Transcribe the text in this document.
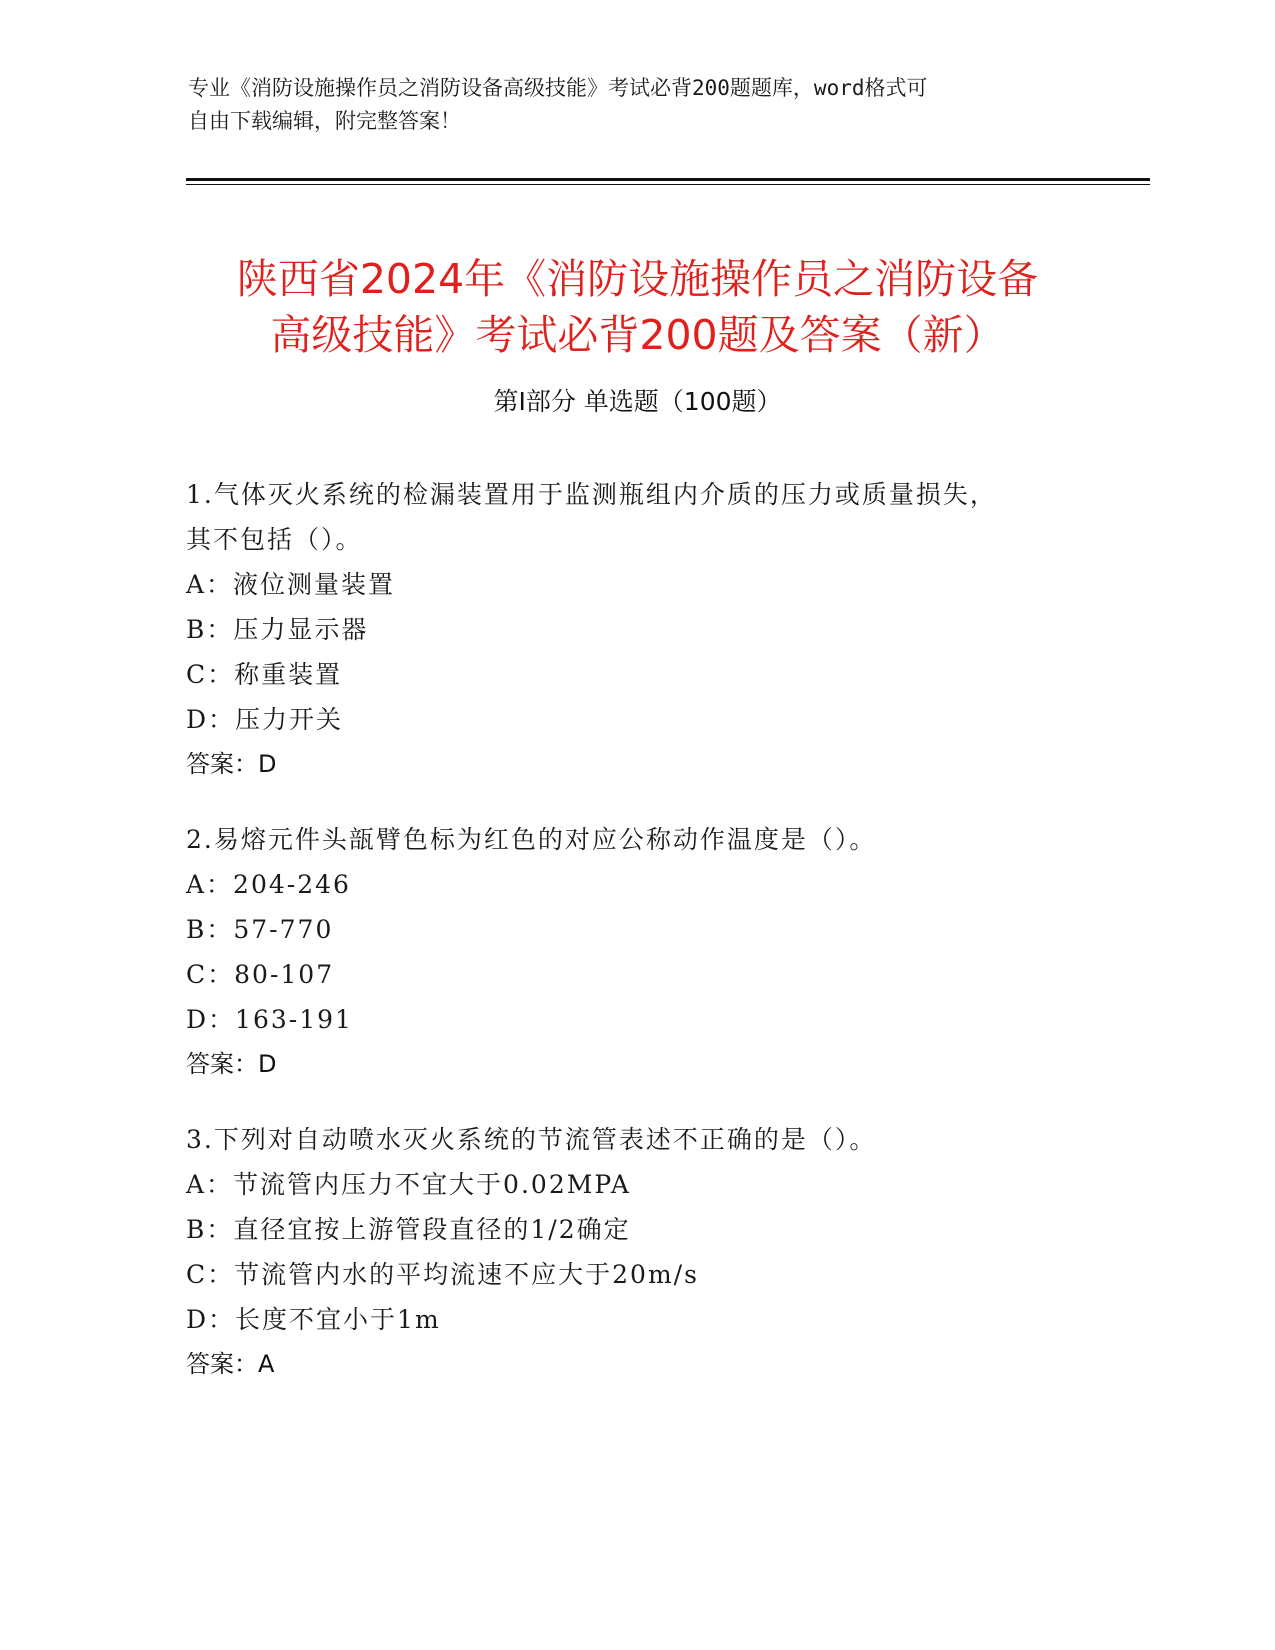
专业《消防设施操作员之消防设备高级技能》考试必背200题题库，word格式可
自由下载编辑，附完整答案！
陕西省2024年《消防设施操作员之消防设备
高级技能》考试必背200题及答案（新）
第Ⅰ部分 单选题（100题）
1.气体灭火系统的检漏装置用于监测瓶组内介质的压力或质量损失，
其不包括（）。
A：液位测量装置
B：压力显示器
C：称重装置
D：压力开关
答案：D
2.易熔元件头瓿臂色标为红色的对应公称动作温度是（）。
A：204-246
B：57-770
C：80-107
D：163-191
答案：D
3.下列对自动喷水灭火系统的节流管表述不正确的是（）。
A：节流管内压力不宜大于0.02MPA
B：直径宜按上游管段直径的1/2确定
C：节流管内水的平均流速不应大于20m/s
D：长度不宜小于1m
答案：A
